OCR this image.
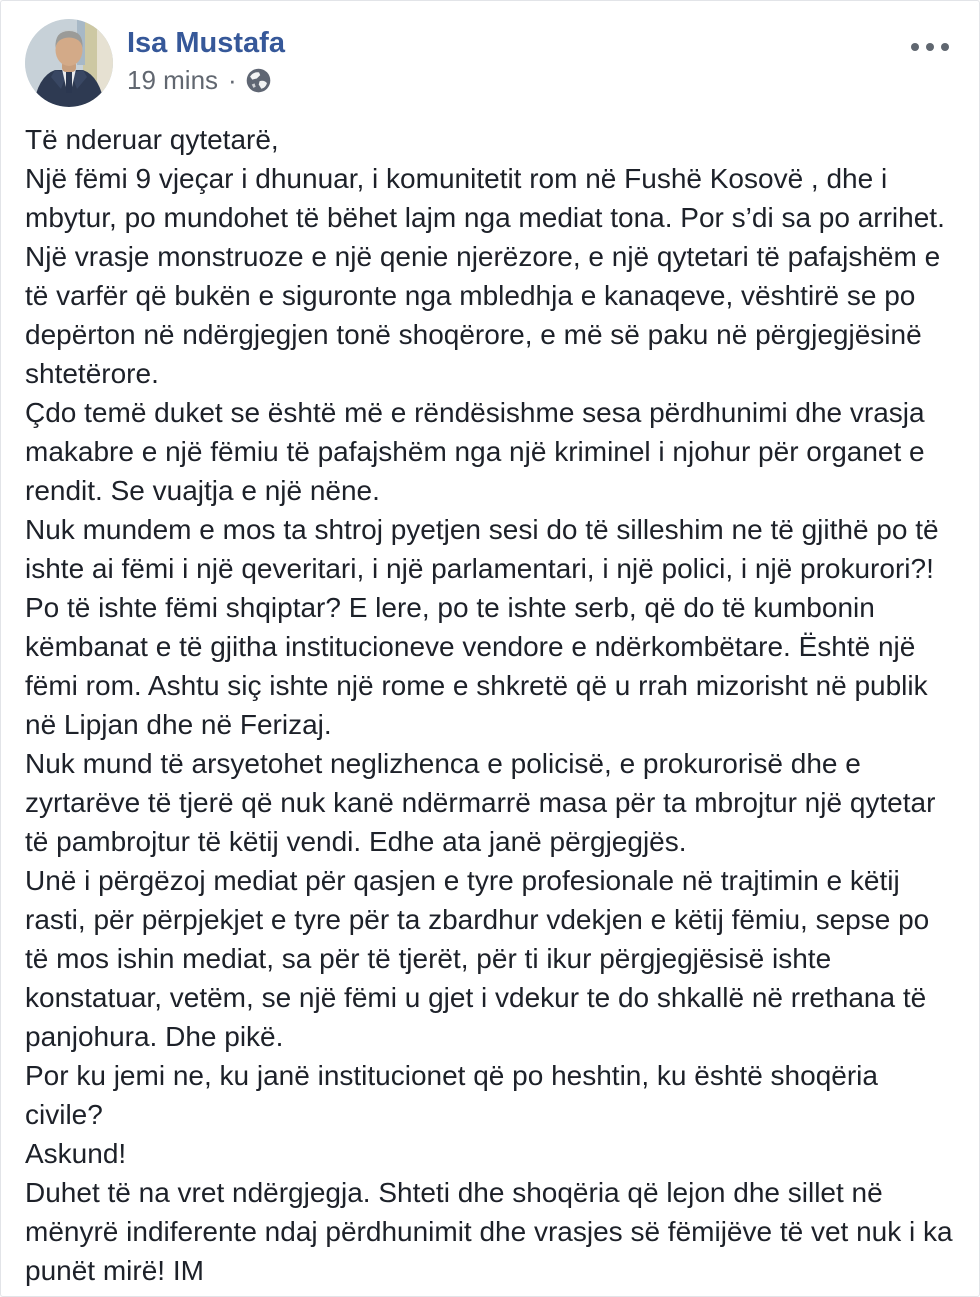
Isa Mustafa
19 mins ·
Të nderuar qytetarë,
Një fëmi 9 vjeçar i dhunuar, i komunitetit rom në Fushë Kosovë , dhe i mbytur, po mundohet të bëhet lajm nga mediat tona. Por s’di sa po arrihet. Një vrasje monstruoze e një qenie njerëzore, e një qytetari të pafajshëm e të varfër që bukën e siguronte nga mbledhja e kanaqeve, vështirë se po depërton në ndërgjegjen tonë shoqërore, e më së paku në përgjegjësinë shtetërore.
Çdo temë duket se është më e rëndësishme sesa përdhunimi dhe vrasja makabre e një fëmiu të pafajshëm nga një kriminel i njohur për organet e rendit. Se vuajtja e një nëne.
Nuk mundem e mos ta shtroj pyetjen sesi do të silleshim ne të gjithë po të ishte ai fëmi i një qeveritari, i një parlamentari, i një polici, i një prokurori?! Po të ishte fëmi shqiptar? E lere, po te ishte serb, që do të kumbonin këmbanat e të gjitha institucioneve vendore e ndërkombëtare. Është një fëmi rom. Ashtu siç ishte një rome e shkretë që u rrah mizorisht në publik në Lipjan dhe në Ferizaj.
Nuk mund të arsyetohet neglizhenca e policisë, e prokurorisë dhe e zyrtarëve të tjerë që nuk kanë ndërmarrë masa për ta mbrojtur një qytetar të pambrojtur të këtij vendi. Edhe ata janë përgjegjës.
Unë i përgëzoj mediat për qasjen e tyre profesionale në trajtimin e këtij rasti, për përpjekjet e tyre për ta zbardhur vdekjen e këtij fëmiu, sepse po të mos ishin mediat, sa për të tjerët, për ti ikur përgjegjësisë ishte konstatuar, vetëm, se një fëmi u gjet i vdekur te do shkallë në rrethana të panjohura. Dhe pikë.
Por ku jemi ne, ku janë institucionet që po heshtin, ku është shoqëria civile?
Askund!
Duhet të na vret ndërgjegja. Shteti dhe shoqëria që lejon dhe sillet në mënyrë indiferente ndaj përdhunimit dhe vrasjes së fëmijëve të vet nuk i ka punët mirë! IM
